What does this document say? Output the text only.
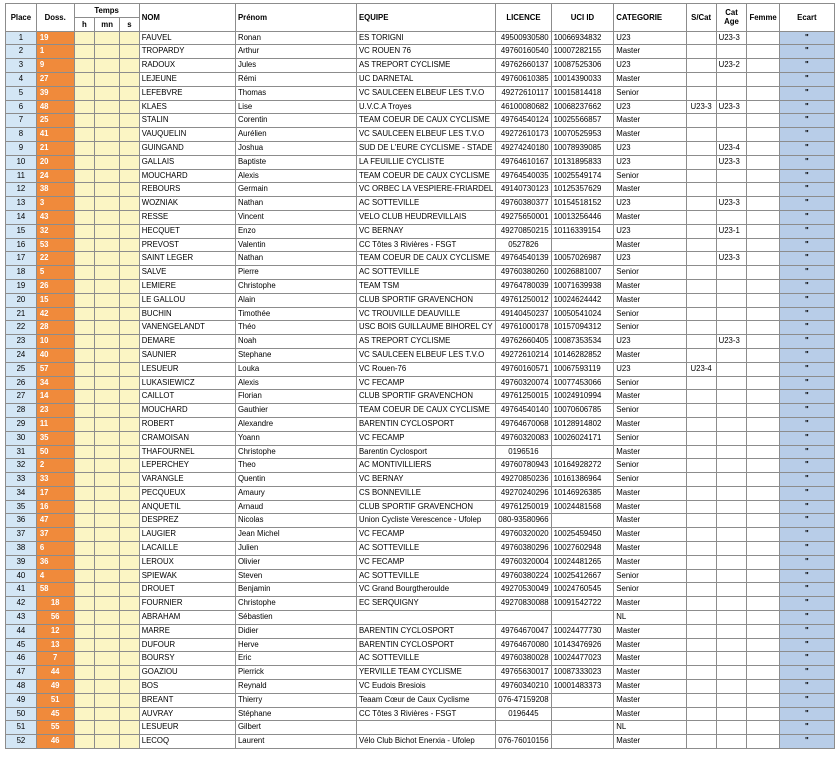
Place	Doss.	Temps			NOM	Prénom	EQUIPE	LICENCE	UCI ID	CATEGORIE	S/Cat	Cat Age	Femme	Ecart
		h	mn	s										
1	19				FAUVEL	Ronan	ES TORIGNI	49500930580	10066934832	U23		U23-3		"
2	1				TROPARDY	Arthur	VC ROUEN 76	49760160540	10007282155	Master				"
3	9				RADOUX	Jules	AS TREPORT CYCLISME	49762660137	10087525306	U23		U23-2		"
4	27				LEJEUNE	Rémi	UC DARNETAL	49760610385	10014390033	Master				"
5	39				LEFEBVRE	Thomas	VC SAULCEEN ELBEUF LES T.V.O	49272610117	10015814418	Senior				"
6	48				KLAES	Lise	U.V.C.A Troyes	46100080682	10068237662	U23	U23-3	U23-3		"
7	25				STALIN	Corentin	TEAM COEUR DE CAUX CYCLISME	49764540124	10025566857	Master				"
8	41				VAUQUELIN	Aurélien	VC SAULCEEN ELBEUF LES T.V.O	49272610173	10070525953	Master				"
9	21				GUINGAND	Joshua	SUD DE L'EURE CYCLISME - STADE	49274240180	10078939085	U23		U23-4		"
10	20				GALLAIS	Baptiste	LA FEUILLIE CYCLISTE	49764610167	10131895833	U23		U23-3		"
11	24				MOUCHARD	Alexis	TEAM COEUR DE CAUX CYCLISME	49764540035	10025549174	Senior				"
12	38				REBOURS	Germain	VC ORBEC LA VESPIERE-FRIARDEL	49140730123	10125357629	Master				"
13	3				WOZNIAK	Nathan	AC SOTTEVILLE	49760380377	10154518152	U23		U23-3		"
14	43				RESSE	Vincent	VELO CLUB HEUDREVILLAIS	49275650001	10013256446	Master				"
15	32				HECQUET	Enzo	VC BERNAY	49270850215	10116339154	U23		U23-1		"
16	53				PREVOST	Valentin	CC Tôtes 3 Rivières - FSGT	0527826		Master				"
17	22				SAINT LEGER	Nathan	TEAM COEUR DE CAUX CYCLISME	49764540139	10057026987	U23		U23-3		"
18	5				SALVE	Pierre	AC SOTTEVILLE	49760380260	10026881007	Senior				"
19	26				LEMIERE	Christophe	TEAM TSM	49764780039	10071639938	Master				"
20	15				LE GALLOU	Alain	CLUB SPORTIF GRAVENCHON	49761250012	10024624442	Master				"
21	42				BUCHIN	Timothée	VC TROUVILLE DEAUVILLE	49140450237	10050541024	Senior				"
22	28				VANENGELANDT	Théo	USC BOIS GUILLAUME BIHOREL CY	49761000178	10157094312	Senior				"
23	10				DEMARE	Noah	AS TREPORT CYCLISME	49762660405	10087353534	U23		U23-3		"
24	40				SAUNIER	Stephane	VC SAULCEEN ELBEUF LES T.V.O	49272610214	10146282852	Master				"
25	57				LESUEUR	Louka	VC Rouen-76	49760160571	10067593119	U23	U23-4			"
26	34				LUKASIEWICZ	Alexis	VC FECAMP	49760320074	10077453066	Senior				"
27	14				CAILLOT	Florian	CLUB SPORTIF GRAVENCHON	49761250015	10024910994	Master				"
28	23				MOUCHARD	Gauthier	TEAM COEUR DE CAUX CYCLISME	49764540140	10070606785	Senior				"
29	11				ROBERT	Alexandre	BARENTIN CYCLOSPORT	49764670068	10128914802	Master				"
30	35				CRAMOISAN	Yoann	VC FECAMP	49760320083	10026024171	Senior				"
31	50				THAFOURNEL	Christophe	Barentin Cyclosport	0196516		Master				"
32	2				LEPERCHEY	Theo	AC MONTIVILLIERS	49760780943	10164928272	Senior				"
33	33				VARANGLE	Quentin	VC BERNAY	49270850236	10161386964	Senior				"
34	17				PECQUEUX	Amaury	CS BONNEVILLE	49270240296	10146926385	Master				"
35	16				ANQUETIL	Arnaud	CLUB SPORTIF GRAVENCHON	49761250019	10024481568	Master				"
36	47				DESPREZ	Nicolas	Union Cycliste Verescence - Ufolep	080-93580966		Master				"
37	37				LAUGIER	Jean Michel	VC FECAMP	49760320020	10025459450	Master				"
38	6				LACAILLE	Julien	AC SOTTEVILLE	49760380296	10027602948	Master				"
39	36				LEROUX	Olivier	VC FECAMP	49760320004	10024481265	Master				"
40	4				SPIEWAK	Steven	AC SOTTEVILLE	49760380224	10025412667	Senior				"
41	58				DROUET	Benjamin	VC Grand Bourgtheroulde	49270530049	10024760545	Senior				"
42	18				FOURNIER	Christophe	EC SERQUIGNY	49270830088	10091542722	Master				"
43	56				ABRAHAM	Sébastien				NL				"
44	12				MARRE	Didier	BARENTIN CYCLOSPORT	49764670047	10024477730	Master				"
45	13				DUFOUR	Herve	BARENTIN CYCLOSPORT	49764670080	10143476926	Master				"
46	7				BOURSY	Eric	AC SOTTEVILLE	49760380028	10024477023	Master				"
47	44				GOAZIOU	Pierrick	YERVILLE TEAM CYCLISME	49765630017	10087333023	Master				"
48	49				BOS	Reynald	VC Eudois Bresiois	49760340210	10001483373	Master				"
49	51				BREANT	Thierry	Teaam Cœur de Caux Cyclisme	076-47159208		Master				"
50	45				AUVRAY	Stéphane	CC Tôtes 3 Rivières - FSGT	0196445		Master				"
51	55				LESUEUR	Gilbert				NL				"
52	46				LECOQ	Laurent	Vélo Club Bichot Enerxia - Ufolep	076-76010156		Master				"
